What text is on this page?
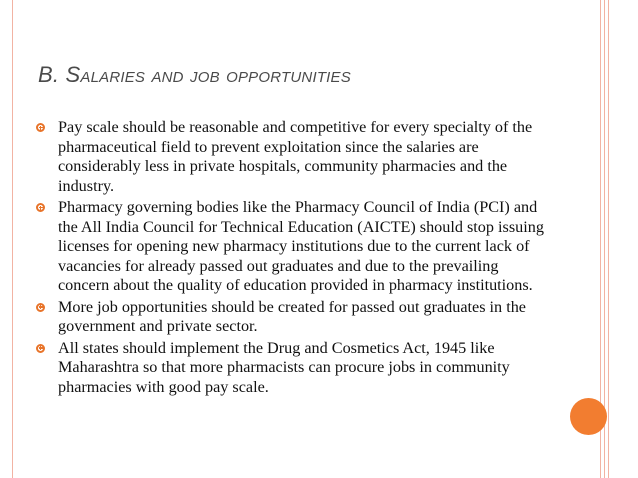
B. Salaries and job opportunities
Pay scale should be reasonable and competitive for every specialty of the pharmaceutical field to prevent exploitation since the salaries are considerably less in private hospitals, community pharmacies and the industry.
Pharmacy governing bodies like the Pharmacy Council of India (PCI) and the All India Council for Technical Education (AICTE) should stop issuing licenses for opening new pharmacy institutions due to the current lack of vacancies for already passed out graduates and due to the prevailing concern about the quality of education provided in pharmacy institutions.
More job opportunities should be created for passed out graduates in the government and private sector.
All states should implement the Drug and Cosmetics Act, 1945 like Maharashtra so that more pharmacists can procure jobs in community pharmacies with good pay scale.
